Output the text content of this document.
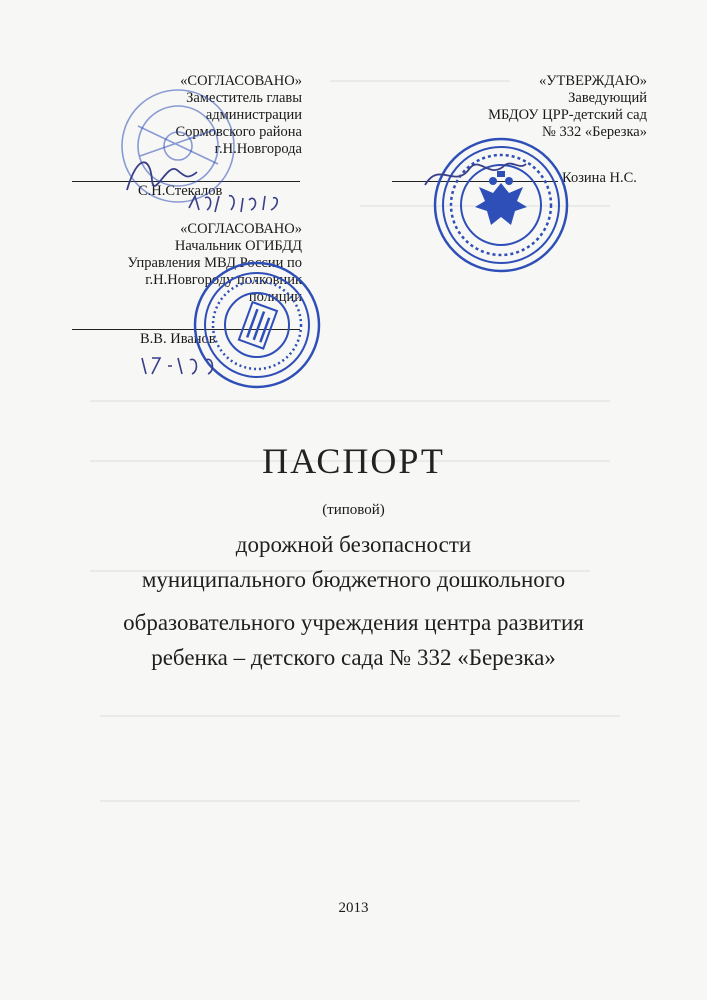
«СОГЛАСОВАНО»
Заместитель главы
администрации
Сормовского района
г.Н.Новгорода
С.Н.Стекалов
«УТВЕРЖДАЮ»
Заведующий
МБДОУ ЦРР-детский сад
№ 332 «Березка»
Козина Н.С.
«СОГЛАСОВАНО»
Начальник ОГИБДД
Управления МВД России по
г.Н.Новгороду полковник
полиции
В.В. Иванов
ПАСПОРТ
(типовой)
дорожной безопасности
муниципального бюджетного дошкольного
образовательного учреждения центра развития
ребенка – детского сада № 332 «Березка»
2013
